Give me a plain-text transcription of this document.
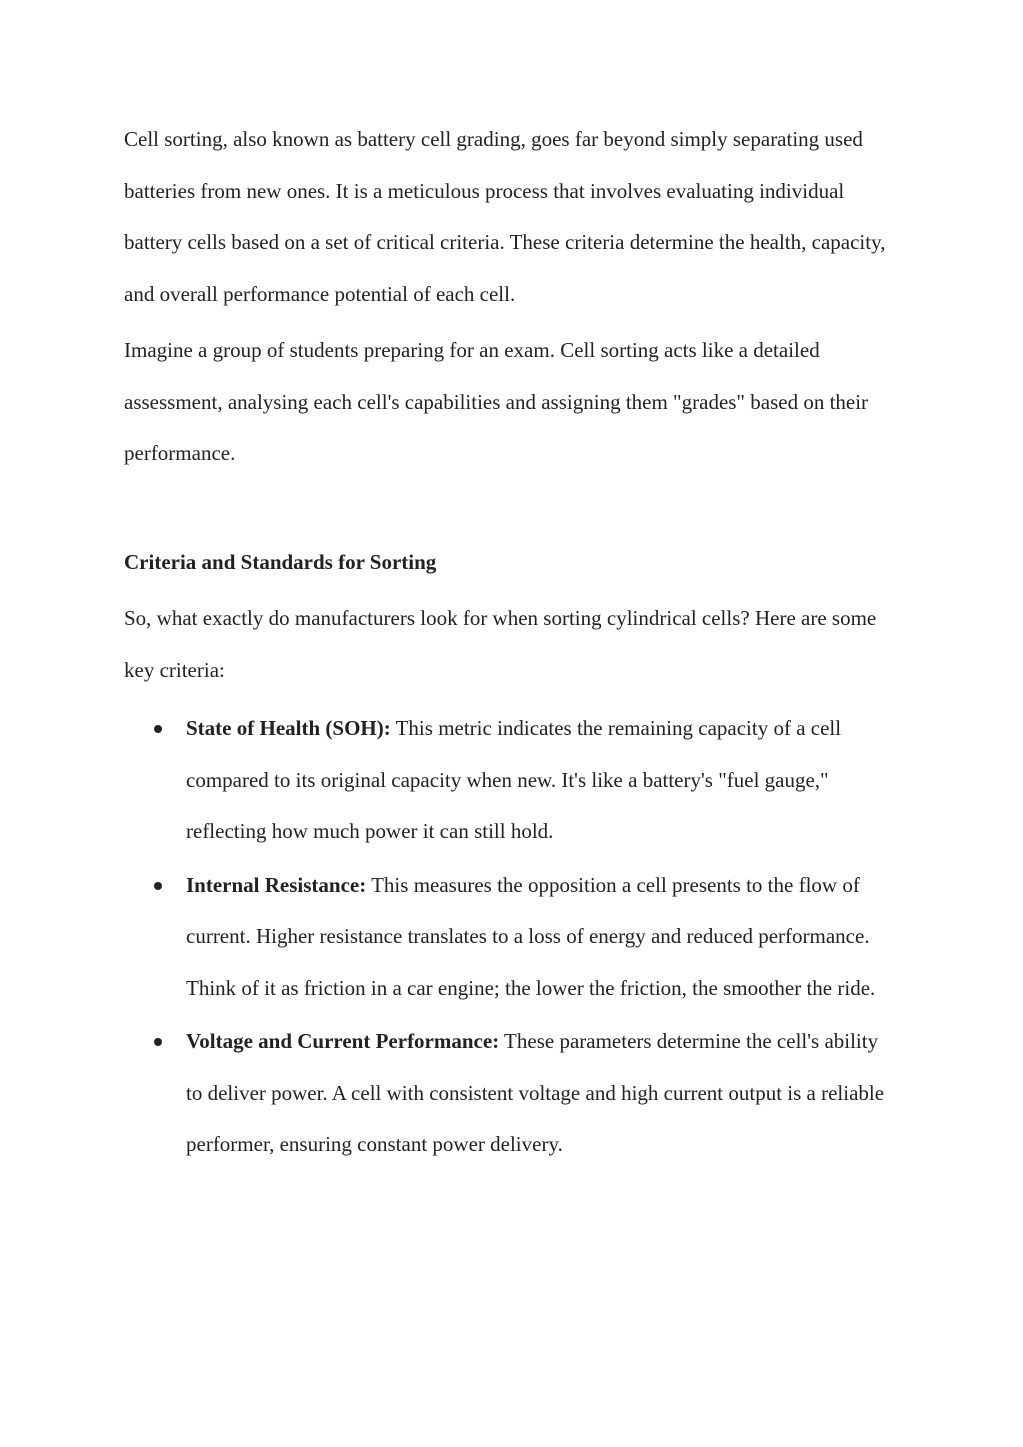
Cell sorting, also known as battery cell grading, goes far beyond simply separating used batteries from new ones. It is a meticulous process that involves evaluating individual battery cells based on a set of critical criteria. These criteria determine the health, capacity, and overall performance potential of each cell.

Imagine a group of students preparing for an exam. Cell sorting acts like a detailed assessment, analysing each cell's capabilities and assigning them "grades" based on their performance.

Criteria and Standards for Sorting

So, what exactly do manufacturers look for when sorting cylindrical cells? Here are some key criteria:

State of Health (SOH): This metric indicates the remaining capacity of a cell compared to its original capacity when new. It's like a battery's "fuel gauge," reflecting how much power it can still hold.
Internal Resistance: This measures the opposition a cell presents to the flow of current. Higher resistance translates to a loss of energy and reduced performance. Think of it as friction in a car engine; the lower the friction, the smoother the ride.
Voltage and Current Performance: These parameters determine the cell's ability to deliver power. A cell with consistent voltage and high current output is a reliable performer, ensuring constant power delivery.
